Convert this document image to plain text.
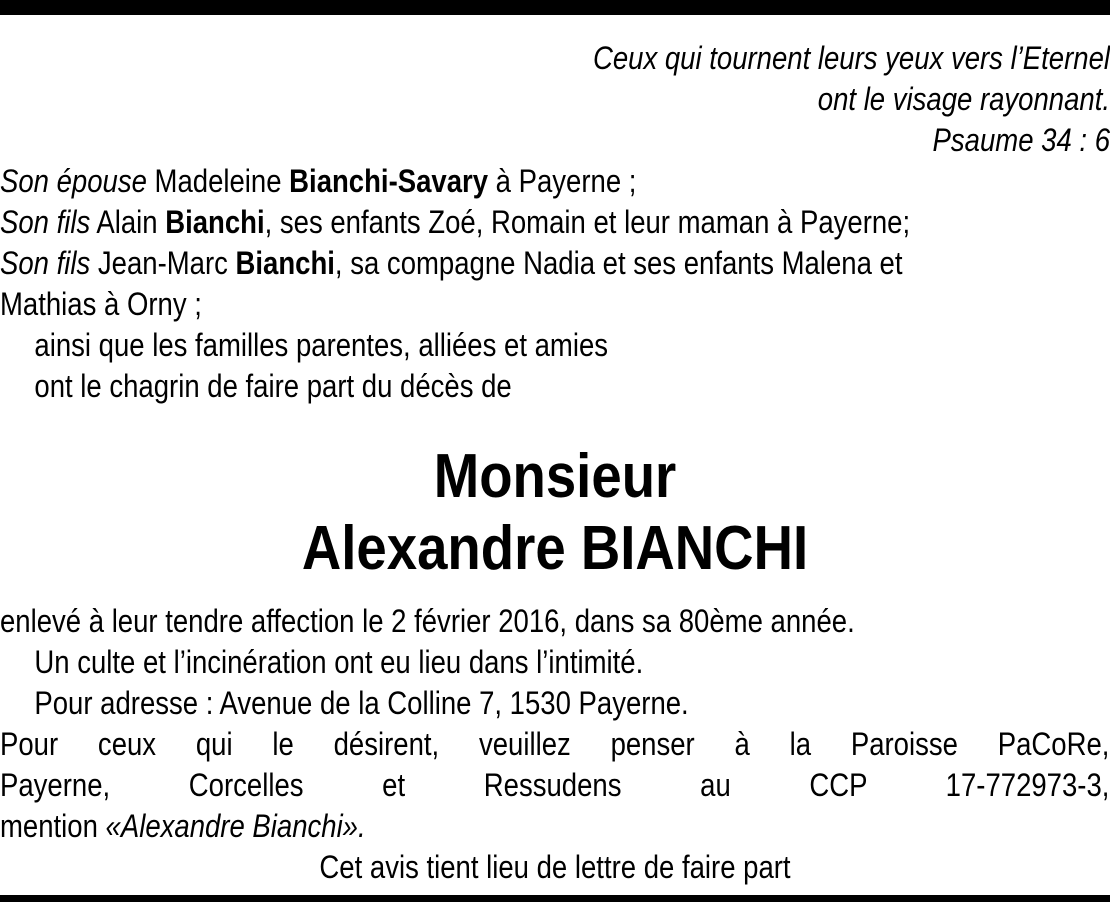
Ceux qui tournent leurs yeux vers l’Eternel
ont le visage rayonnant.
Psaume 34 : 6
Son épouse Madeleine Bianchi-Savary à Payerne ;
Son fils Alain Bianchi, ses enfants Zoé, Romain et leur maman à Payerne;
Son fils Jean-Marc Bianchi, sa compagne Nadia et ses enfants Malena et
Mathias à Orny ;
ainsi que les familles parentes, alliées et amies
ont le chagrin de faire part du décès de
Monsieur
Alexandre BIANCHI
enlevé à leur tendre affection le 2 février 2016, dans sa 80ème année.
Un culte et l’incinération ont eu lieu dans l’intimité.
Pour adresse : Avenue de la Colline 7, 1530 Payerne.
Pour ceux qui le désirent, veuillez penser à la Paroisse PaCoRe,
Payerne, Corcelles et Ressudens au CCP 17-772973-3,
mention «Alexandre Bianchi».
Cet avis tient lieu de lettre de faire part
